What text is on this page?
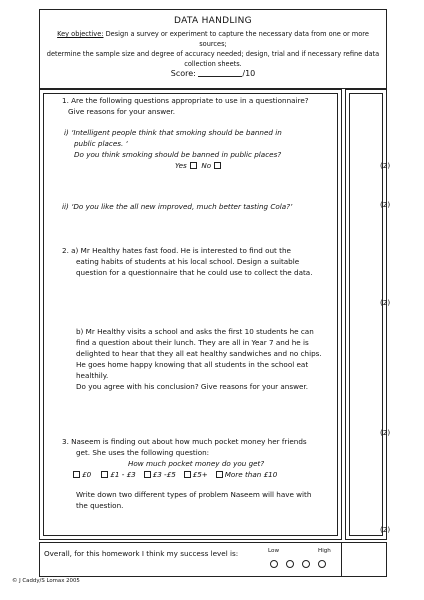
DATA HANDLING
Key objective: Design a survey or experiment to capture the necessary data from one or more sources;
determine the sample size and degree of accuracy needed; design, trial and if necessary refine data
collection sheets.
Score:	/10
1. Are the following questions appropriate to use in a questionnaire?
Give reasons for your answer.
i) ‘Intelligent people think that smoking should be banned in
public places. ‘
Do you think smoking should be banned in public places?
Yes No	(2)
ii) ‘Do you like the all new improved, much better tasting Cola?’	(2)
2. a) Mr Healthy hates fast food. He is interested to find out the
eating habits of students at his local school. Design a suitable
question for a questionnaire that he could use to collect the data.
(2)
b) Mr Healthy visits a school and asks the first 10 students he can
find a question about their lunch. They are all in Year 7 and he is
delighted to hear that they all eat healthy sandwiches and no chips.
He goes home happy knowing that all students in the school eat
healthily.
Do you agree with his conclusion? Give reasons for your answer.
(2)
3. Naseem is finding out about how much pocket money her friends
get. She uses the following question:
How much pocket money do you get?
£0	£1 - £3 £3 -£5 £5+ More than £10
Write down two different types of problem Naseem will have with
the question.
(2)
Overall, for this homework I think my success level is:	Low	High
© J Caddy/S Lomax 2005
